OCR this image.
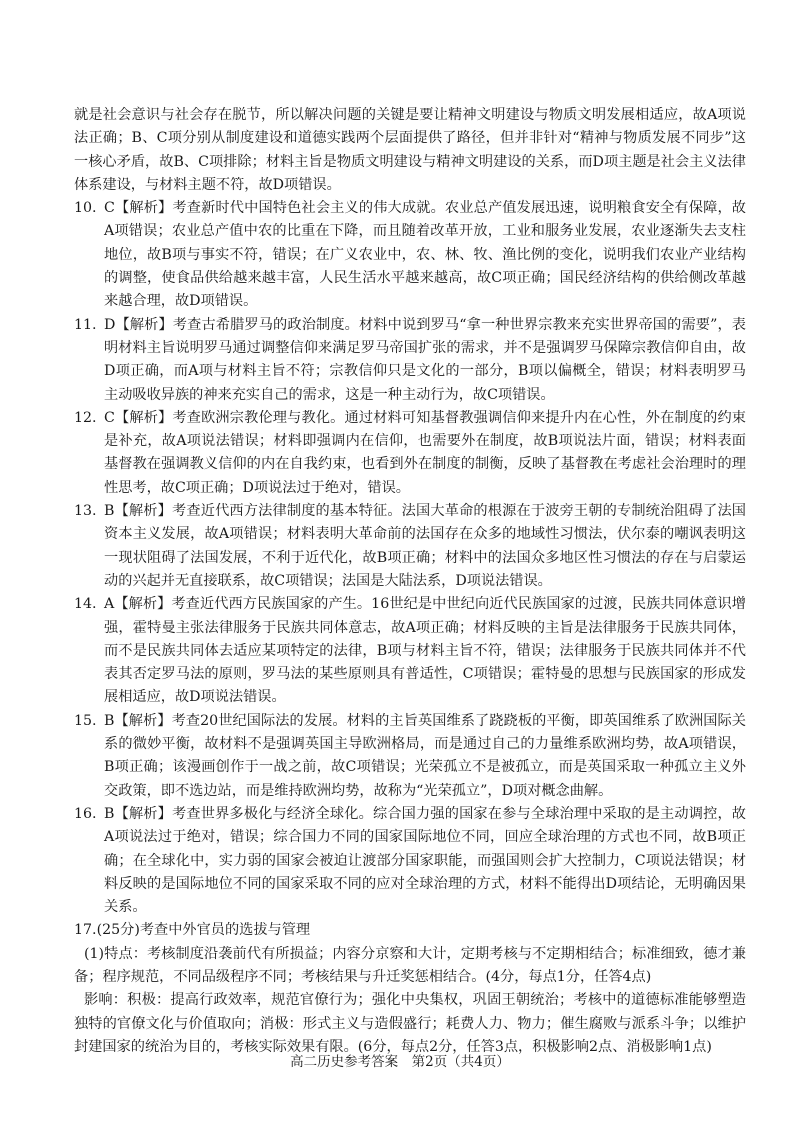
就是社会意识与社会存在脱节，所以解决问题的关键是要让精神文明建设与物质文明发展相适应，故A项说法正确；B、C项分别从制度建设和道德实践两个层面提供了路径，但并非针对“精神与物质发展不同步”这一核心矛盾，故B、C项排除；材料主旨是物质文明建设与精神文明建设的关系，而D项主题是社会主义法律体系建设，与材料主题不符，故D项错误。

10. C【解析】考查新时代中国特色社会主义的伟大成就。农业总产值发展迅速，说明粮食安全有保障，故A项错误；农业总产值中农的比重在下降，而且随着改革开放，工业和服务业发展，农业逐渐失去支柱地位，故B项与事实不符，错误；在广义农业中，农、林、牧、渔比例的变化，说明我们农业产业结构的调整，使食品供给越来越丰富，人民生活水平越来越高，故C项正确；国民经济结构的供给侧改革越来越合理，故D项错误。

11. D【解析】考查古希腊罗马的政治制度。材料中说到罗马“拿一种世界宗教来充实世界帝国的需要”，表明材料主旨说明罗马通过调整信仰来满足罗马帝国扩张的需求，并不是强调罗马保障宗教信仰自由，故D项正确，而A项与材料主旨不符；宗教信仰只是文化的一部分，B项以偏概全，错误；材料表明罗马主动吸收异族的神来充实自己的需求，这是一种主动行为，故C项错误。

12. C【解析】考查欧洲宗教伦理与教化。通过材料可知基督教强调信仰来提升内在心性，外在制度的约束是补充，故A项说法错误；材料即强调内在信仰，也需要外在制度，故B项说法片面，错误；材料表面基督教在强调教义信仰的内在自我约束，也看到外在制度的制衡，反映了基督教在考虑社会治理时的理性思考，故C项正确；D项说法过于绝对，错误。

13. B【解析】考查近代西方法律制度的基本特征。法国大革命的根源在于波旁王朝的专制统治阻碍了法国资本主义发展，故A项错误；材料表明大革命前的法国存在众多的地域性习惯法，伏尔泰的嘲讽表明这一现状阻碍了法国发展，不利于近代化，故B项正确；材料中的法国众多地区性习惯法的存在与启蒙运动的兴起并无直接联系，故C项错误；法国是大陆法系，D项说法错误。

14. A【解析】考查近代西方民族国家的产生。16世纪是中世纪向近代民族国家的过渡，民族共同体意识增强，霍特曼主张法律服务于民族共同体意志，故A项正确；材料反映的主旨是法律服务于民族共同体，而不是民族共同体去适应某项特定的法律，B项与材料主旨不符，错误；法律服务于民族共同体并不代表其否定罗马法的原则，罗马法的某些原则具有普适性，C项错误；霍特曼的思想与民族国家的形成发展相适应，故D项说法错误。

15. B【解析】考查20世纪国际法的发展。材料的主旨英国维系了跷跷板的平衡，即英国维系了欧洲国际关系的微妙平衡，故材料不是强调英国主导欧洲格局，而是通过自己的力量维系欧洲均势，故A项错误，B项正确；该漫画创作于一战之前，故C项错误；光荣孤立不是被孤立，而是英国采取一种孤立主义外交政策，即不选边站，而是维持欧洲均势，故称为“光荣孤立”，D项对概念曲解。

16. B【解析】考查世界多极化与经济全球化。综合国力强的国家在参与全球治理中采取的是主动调控，故A项说法过于绝对，错误；综合国力不同的国家国际地位不同，回应全球治理的方式也不同，故B项正确；在全球化中，实力弱的国家会被迫让渡部分国家职能，而强国则会扩大控制力，C项说法错误；材料反映的是国际地位不同的国家采取不同的应对全球治理的方式，材料不能得出D项结论，无明确因果关系。

17.(25分)考查中外官员的选拔与管理

(1)特点：考核制度沿袭前代有所损益；内容分京察和大计，定期考核与不定期相结合；标准细致，德才兼备；程序规范，不同品级程序不同；考核结果与升迁奖惩相结合。(4分，每点1分，任答4点)

影响：积极：提高行政效率，规范官僚行为；强化中央集权，巩固王朝统治；考核中的道德标准能够塑造独特的官僚文化与价值取向；消极：形式主义与造假盛行；耗费人力、物力；催生腐败与派系斗争；以维护封建国家的统治为目的，考核实际效果有限。(6分，每点2分，任答3点，积极影响2点、消极影响1点)

高二历史参考答案　第2页（共4页）
